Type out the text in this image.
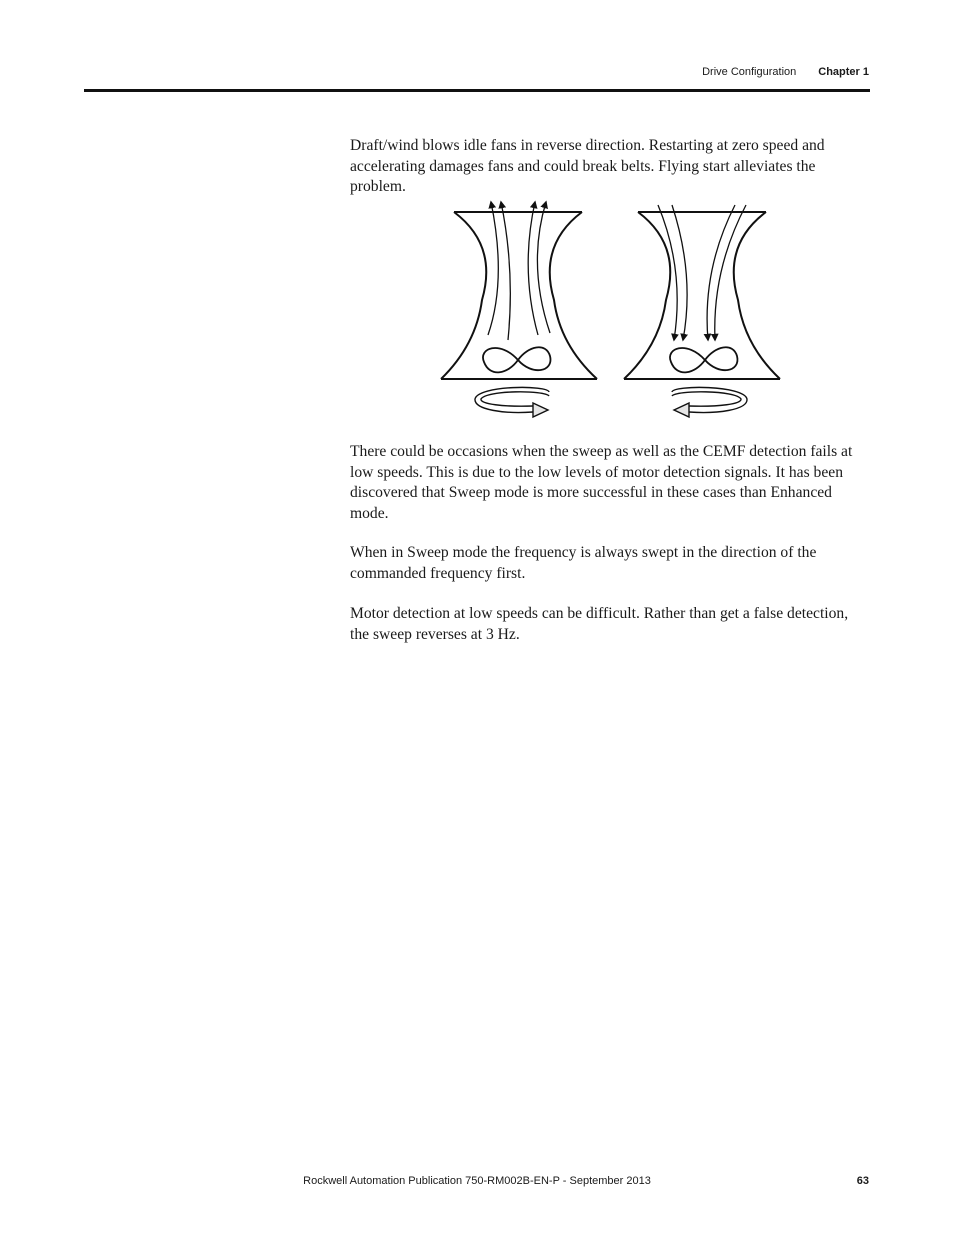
Drive Configuration Chapter 1

Draft/wind blows idle fans in reverse direction. Restarting at zero speed and accelerating damages fans and could break belts. Flying start alleviates the problem.

There could be occasions when the sweep as well as the CEMF detection fails at low speeds. This is due to the low levels of motor detection signals. It has been discovered that Sweep mode is more successful in these cases than Enhanced mode.

When in Sweep mode the frequency is always swept in the direction of the commanded frequency first.

Motor detection at low speeds can be difficult. Rather than get a false detection, the sweep reverses at 3 Hz.

Rockwell Automation Publication 750-RM002B-EN-P - September 2013	63
